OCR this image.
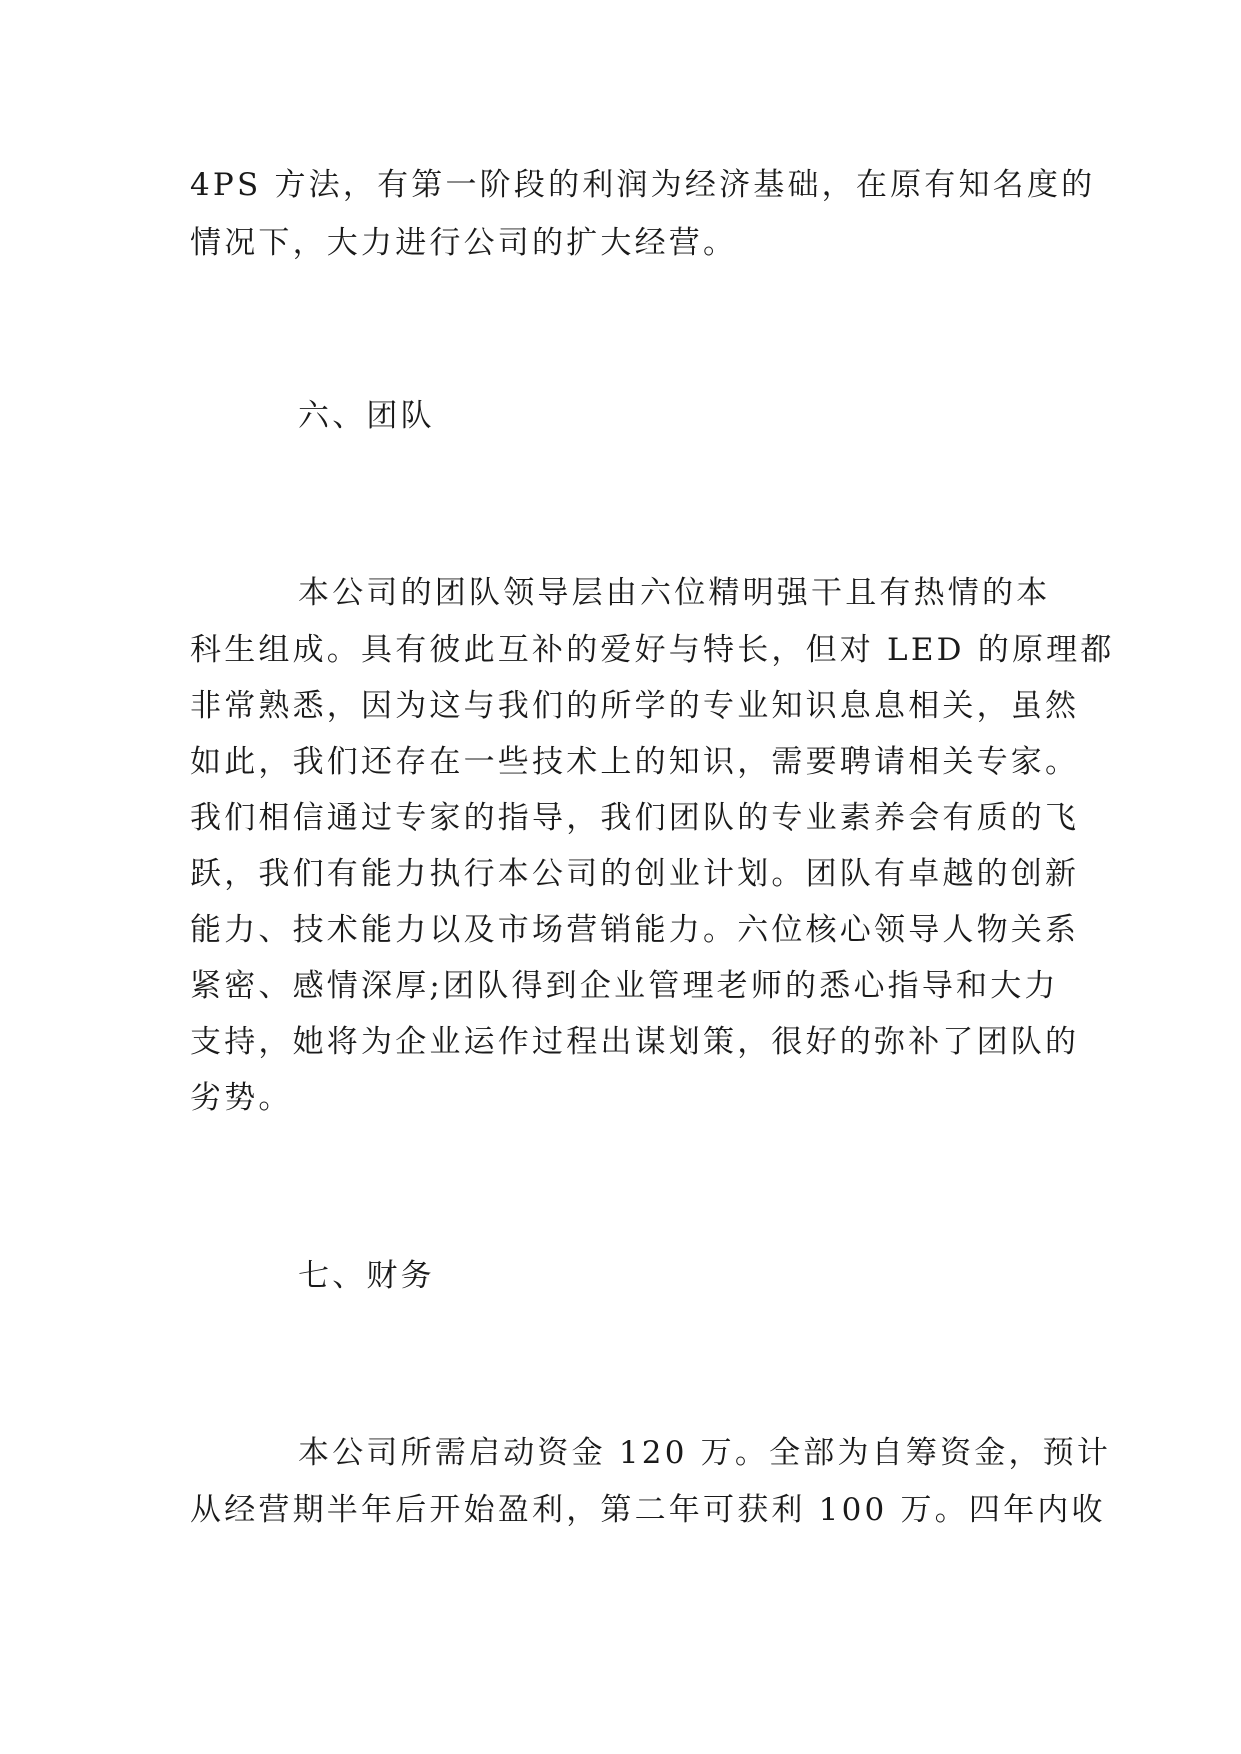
4PS 方法，有第一阶段的利润为经济基础，在原有知名度的
情况下，大力进行公司的扩大经营。
六、团队
本公司的团队领导层由六位精明强干且有热情的本
科生组成。具有彼此互补的爱好与特长，但对 LED 的原理都
非常熟悉，因为这与我们的所学的专业知识息息相关，虽然
如此，我们还存在一些技术上的知识，需要聘请相关专家。
我们相信通过专家的指导，我们团队的专业素养会有质的飞
跃，我们有能力执行本公司的创业计划。团队有卓越的创新
能力、技术能力以及市场营销能力。六位核心领导人物关系
紧密、感情深厚;团队得到企业管理老师的悉心指导和大力
支持，她将为企业运作过程出谋划策，很好的弥补了团队的
劣势。
七、财务
本公司所需启动资金 120 万。全部为自筹资金，预计
从经营期半年后开始盈利，第二年可获利 100 万。四年内收
